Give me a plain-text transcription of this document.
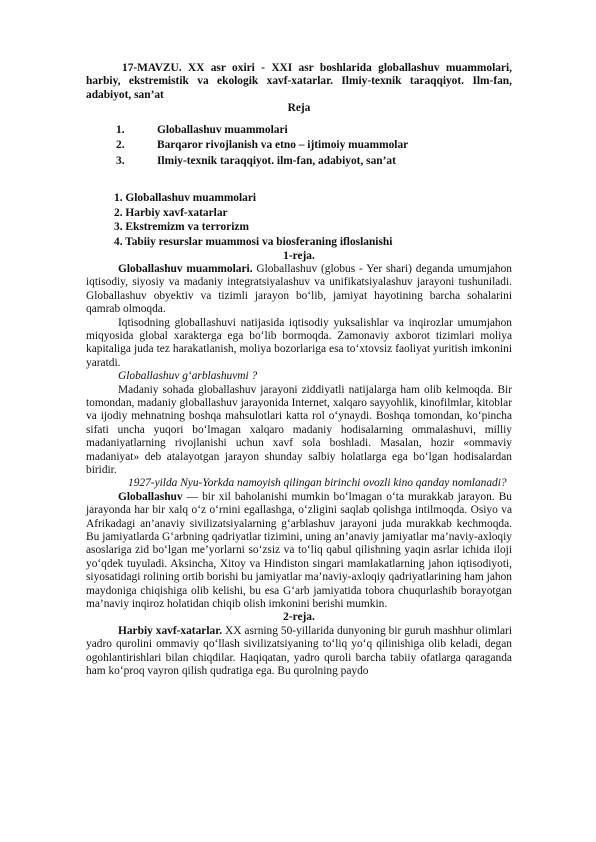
17-MAVZU. XX asr oxiri - XXI asr boshlarida globallashuv muammolari, harbiy, ekstremistik va ekologik xavf-xatarlar. Ilmiy-texnik taraqqiyot. Ilm-fan, adabiyot, san’at

Reja

1.	Globallashuv muammolari
2.	Barqaror rivojlanish va etno – ijtimoiy muammolar
3.	Ilmiy-texnik taraqqiyot. ilm-fan, adabiyot, san’at

1. Globallashuv muammolari

2. Harbiy xavf-xatarlar

3. Ekstremizm va terrorizm

4. Tabiiy resurslar muammosi va biosferaning ifloslanishi

1-reja.

Globallashuv muammolari. Globallashuv (globus - Yer shari) deganda umumjahon iqtisodiy, siyosiy va madaniy integratsiyalashuv va unifikatsiyalashuv jarayoni tushuniladi. Globallashuv obyektiv va tizimli jarayon bo‘lib, jamiyat hayotining barcha sohalarini qamrab olmoqda.

Iqtisodning globallashuvi natijasida iqtisodiy yuksalishlar va inqirozlar umumjahon miqyosida global xarakterga ega bo‘lib bormoqda. Zamonaviy axborot tizimlari moliya kapitaliga juda tez harakatlanish, moliya bozorlariga esa to‘xtovsiz faoliyat yuritish imkonini yaratdi.

Globallashuv g‘arblashuvmi ?

Madaniy sohada globallashuv jarayoni ziddiyatli natijalarga ham olib kelmoqda. Bir tomondan, madaniy globallashuv jarayonida Internet, xalqaro sayyohlik, kinofilmlar, kitoblar va ijodiy mehnatning boshqa mahsulotlari katta rol o‘ynaydi. Boshqa tomondan, ko‘pincha sifati uncha yuqori bo‘lmagan xalqaro madaniy hodisalarning ommalashuvi, milliy madaniyatlarning rivojlanishi uchun xavf sola boshladi. Masalan, hozir «ommaviy madaniyat» deb atalayotgan jarayon shunday salbiy holatlarga ega bo‘lgan hodisalardan biridir.

1927-yilda Nyu-Yorkda namoyish qilingan birinchi ovozli kino qanday nomlanadi?

Globallashuv — bir xil baholanishi mumkin bo‘lmagan o‘ta murakkab jarayon. Bu jarayonda har bir xalq o‘z o‘rnini egallashga, o‘zligini saqlab qolishga intilmoqda. Osiyo va Afrikadagi an’anaviy sivilizatsiyalarning g‘arblashuv jarayoni juda murakkab kechmoqda. Bu jamiyatlarda G‘arbning qadriyatlar tizimini, uning an’anaviy jamiyatlar ma’naviy-axloqiy asoslariga zid bo‘lgan me’yorlarni so‘zsiz va to‘liq qabul qilishning yaqin asrlar ichida iloji yo‘qdek tuyuladi. Aksincha, Xitoy va Hindiston singari mamlakatlarning jahon iqtisodiyoti, siyosatidagi rolining ortib borishi bu jamiyatlar ma’naviy-axloqiy qadriyatlarining ham jahon maydoniga chiqishiga olib kelishi, bu esa G‘arb jamiyatida tobora chuqurlashib borayotgan ma’naviy inqiroz holatidan chiqib olish imkonini berishi mumkin.

2-reja.

Harbiy xavf-xatarlar. XX asrning 50-yillarida dunyoning bir guruh mashhur olimlari yadro qurolini ommaviy qo‘llash sivilizatsiyaning to‘liq yo‘q qilinishiga olib keladi, degan ogohlantirishlari bilan chiqdilar. Haqiqatan, yadro quroli barcha tabiiy ofatlarga qaraganda ham ko‘proq vayron qilish qudratiga ega. Bu qurolning paydo
